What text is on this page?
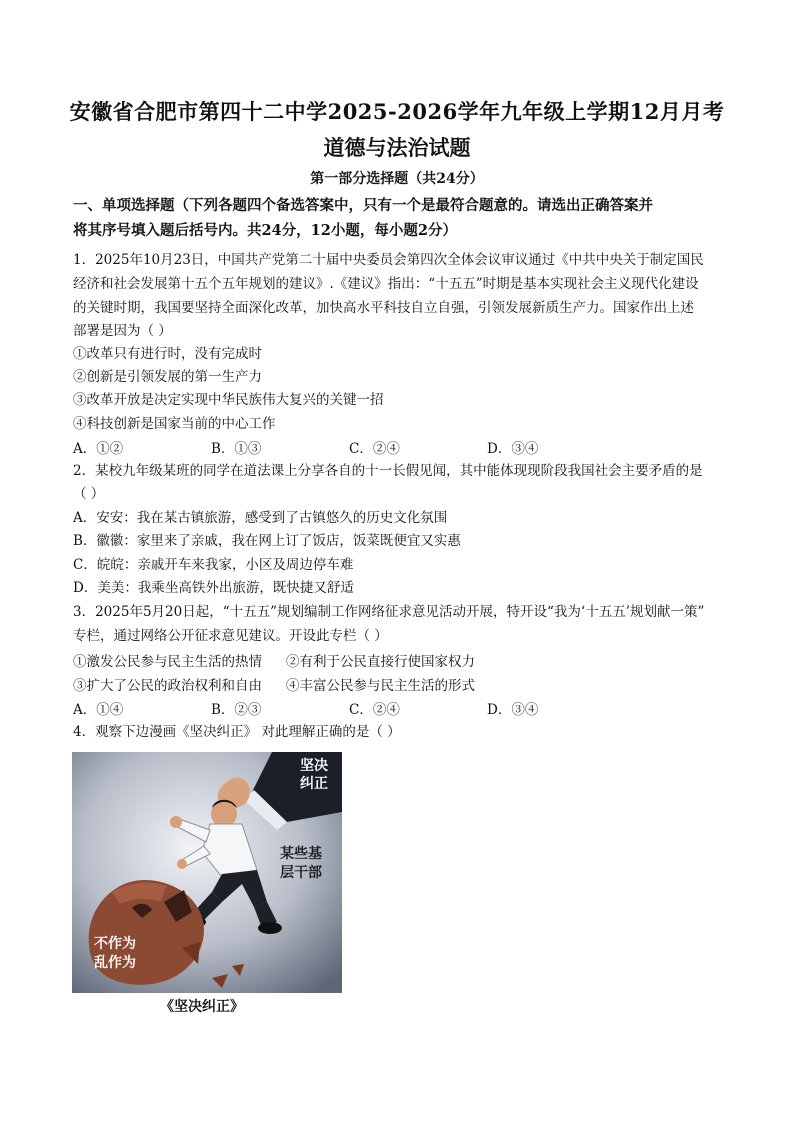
安徽省合肥市第四十二中学2025-2026学年九年级上学期12月月考
道德与法治试题
第一部分选择题（共24分）
一、单项选择题（下列各题四个备选答案中，只有一个是最符合题意的。请选出正确答案并
将其序号填入题后括号内。共24分，12小题，每小题2分）
1．2025年10月23日，中国共产党第二十届中央委员会第四次全体会议审议通过《中共中央关于制定国民
经济和社会发展第十五个五年规划的建议》.《建议》指出：“十五五”时期是基本实现社会主义现代化建设
的关键时期，我国要坚持全面深化改革，加快高水平科技自立自强，引领发展新质生产力。国家作出上述
部署是因为（ ）
①改革只有进行时，没有完成时
②创新是引领发展的第一生产力
③改革开放是决定实现中华民族伟大复兴的关键一招
④科技创新是国家当前的中心工作
A．①②	B．①③	C．②④	D．③④
2．某校九年级某班的同学在道法课上分享各自的十一长假见闻，其中能体现现阶段我国社会主要矛盾的是
（ ）
A．安安：我在某古镇旅游，感受到了古镇悠久的历史文化氛围
B．徽徽：家里来了亲戚，我在网上订了饭店，饭菜既便宜又实惠
C．皖皖：亲戚开车来我家，小区及周边停车难
D．美美：我乘坐高铁外出旅游，既快捷又舒适
3．2025年5月20日起，“十五五”规划编制工作网络征求意见活动开展，特开设“我为‘十五五’规划献一策”
专栏，通过网络公开征求意见建议。开设此专栏（ ）
①激发公民参与民主生活的热情 ②有利于公民直接行使国家权力
③扩大了公民的政治权利和自由 ④丰富公民参与民主生活的形式
A．①④	B．②③	C．②④	D．③④
4．观察下边漫画《坚决纠正》 对此理解正确的是（ ）
坚决
纠正
某些基
层干部
不作为
乱作为
《坚决纠正》
